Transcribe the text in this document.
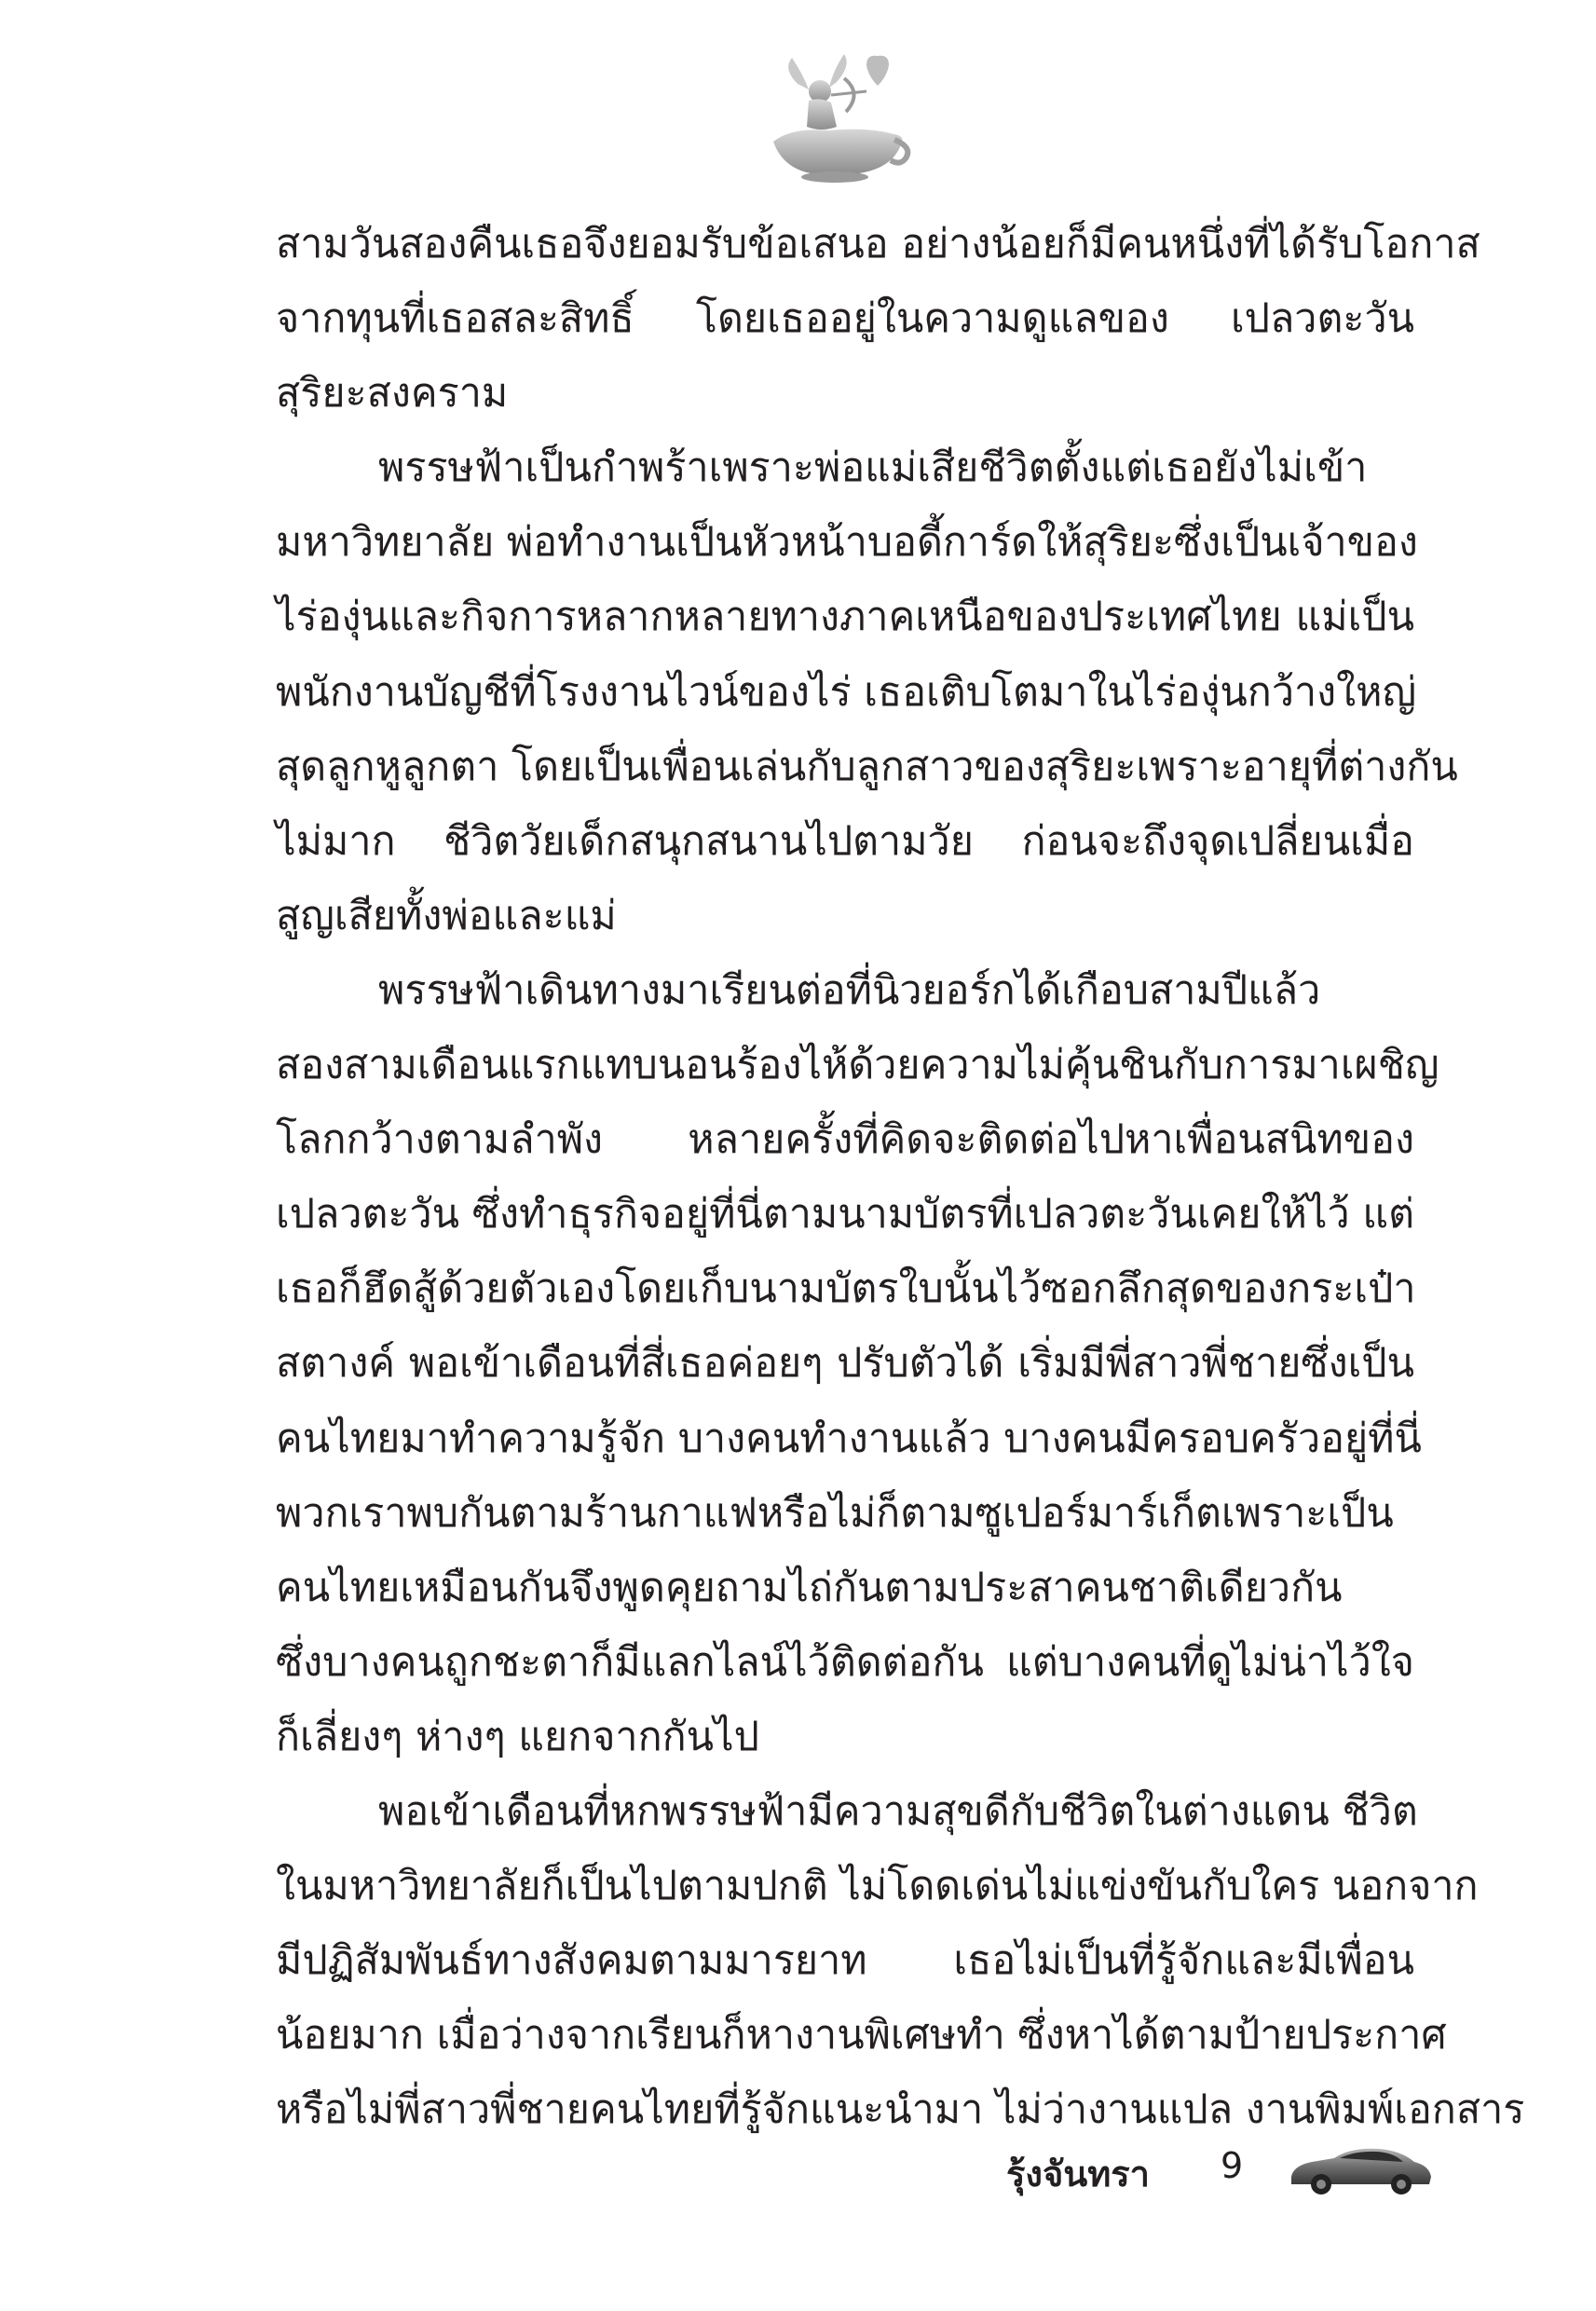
สามวันสองคืนเธอจึงยอมรับข้อเสนอ อย่างน้อยก็มีคนหนึ่งที่ได้รับโอกาส
จากทุนที่เธอสละสิทธิ์ โดยเธออยู่ในความดูแลของ เปลวตะวัน
สุริยะสงคราม
พรรษฟ้าเป็นกำพร้าเพราะพ่อแม่เสียชีวิตตั้งแต่เธอยังไม่เข้า
มหาวิทยาลัย พ่อทำงานเป็นหัวหน้าบอดี้การ์ดให้สุริยะซึ่งเป็นเจ้าของ
ไร่องุ่นและกิจการหลากหลายทางภาคเหนือของประเทศไทย แม่เป็น
พนักงานบัญชีที่โรงงานไวน์ของไร่ เธอเติบโตมาในไร่องุ่นกว้างใหญ่
สุดลูกหูลูกตา โดยเป็นเพื่อนเล่นกับลูกสาวของสุริยะเพราะอายุที่ต่างกัน
ไม่มาก ชีวิตวัยเด็กสนุกสนานไปตามวัย ก่อนจะถึงจุดเปลี่ยนเมื่อ
สูญเสียทั้งพ่อและแม่
พรรษฟ้าเดินทางมาเรียนต่อที่นิวยอร์กได้เกือบสามปีแล้ว
สองสามเดือนแรกแทบนอนร้องไห้ด้วยความไม่คุ้นชินกับการมาเผชิญ
โลกกว้างตามลำพัง หลายครั้งที่คิดจะติดต่อไปหาเพื่อนสนิทของ
เปลวตะวัน ซึ่งทำธุรกิจอยู่ที่นี่ตามนามบัตรที่เปลวตะวันเคยให้ไว้ แต่
เธอก็ฮึดสู้ด้วยตัวเองโดยเก็บนามบัตรใบนั้นไว้ซอกลึกสุดของกระเป๋า
สตางค์ พอเข้าเดือนที่สี่เธอค่อยๆ ปรับตัวได้ เริ่มมีพี่สาวพี่ชายซึ่งเป็น
คนไทยมาทำความรู้จัก บางคนทำงานแล้ว บางคนมีครอบครัวอยู่ที่นี่
พวกเราพบกันตามร้านกาแฟหรือไม่ก็ตามซูเปอร์มาร์เก็ตเพราะเป็น
คนไทยเหมือนกันจึงพูดคุยถามไถ่กันตามประสาคนชาติเดียวกัน
ซึ่งบางคนถูกชะตาก็มีแลกไลน์ไว้ติดต่อกัน แต่บางคนที่ดูไม่น่าไว้ใจ
ก็เลี่ยงๆ ห่างๆ แยกจากกันไป
พอเข้าเดือนที่หกพรรษฟ้ามีความสุขดีกับชีวิตในต่างแดน ชีวิต
ในมหาวิทยาลัยก็เป็นไปตามปกติ ไม่โดดเด่นไม่แข่งขันกับใคร นอกจาก
มีปฏิสัมพันธ์ทางสังคมตามมารยาท เธอไม่เป็นที่รู้จักและมีเพื่อน
น้อยมาก เมื่อว่างจากเรียนก็หางานพิเศษทำ ซึ่งหาได้ตามป้ายประกาศ
หรือไม่พี่สาวพี่ชายคนไทยที่รู้จักแนะนำมา ไม่ว่างานแปล งานพิมพ์เอกสาร
รุ้งจันทรา 9
